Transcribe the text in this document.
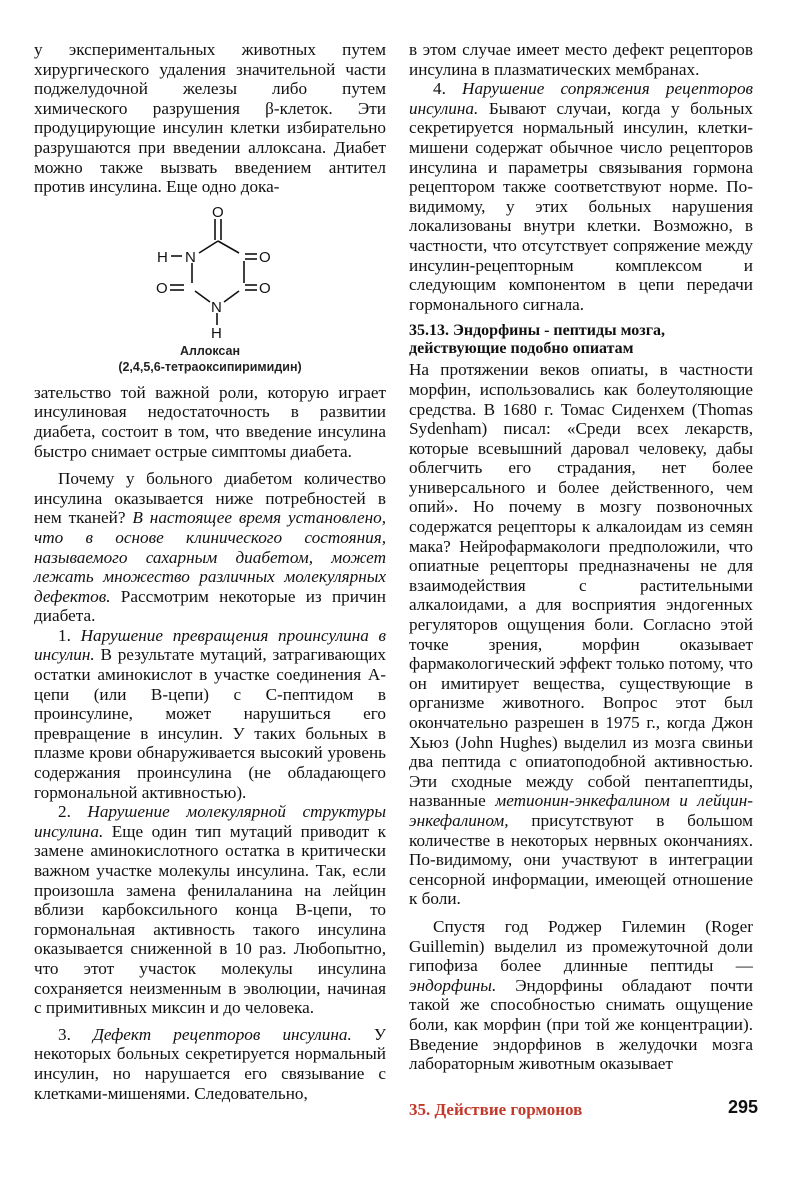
у экспериментальных животных путем хирургического удаления значительной части поджелудочной железы либо путем химического разрушения β-клеток. Эти продуцирующие инсулин клетки избирательно разрушаются при введении аллоксана. Диабет можно также вызвать введением антител против инсулина. Еще одно дока-

O
H N	O
O	O
N
H
Аллоксан
(2,4,5,6-тетраоксипиримидин)

зательство той важной роли, которую играет инсулиновая недостаточность в развитии диабета, состоит в том, что введение инсулина быстро снимает острые симптомы диабета.

Почему у больного диабетом количество инсулина оказывается ниже потребностей в нем тканей? В настоящее время установлено, что в основе клинического состояния, называемого сахарным диабетом, может лежать множество различных молекулярных дефектов. Рассмотрим некоторые из причин диабета.

1. Нарушение превращения проинсулина в инсулин. В результате мутаций, затрагивающих остатки аминокислот в участке соединения А-цепи (или В-цепи) с С-пептидом в проинсулине, может нарушиться его превращение в инсулин. У таких больных в плазме крови обнаруживается высокий уровень содержания проинсулина (не обладающего гормональной активностью).

2. Нарушение молекулярной структуры инсулина. Еще один тип мутаций приводит к замене аминокислотного остатка в критически важном участке молекулы инсулина. Так, если произошла замена фенилаланина на лейцин вблизи карбоксильного конца В-цепи, то гормональная активность такого инсулина оказывается сниженной в 10 раз. Любопытно, что этот участок молекулы инсулина сохраняется неизменным в эволюции, начиная с примитивных миксин и до человека.

3. Дефект рецепторов инсулина. У некоторых больных секретируется нормальный инсулин, но нарушается его связывание с клетками-мишенями. Следовательно,

в этом случае имеет место дефект рецепторов инсулина в плазматических мембранах.

4. Нарушение сопряжения рецепторов инсулина. Бывают случаи, когда у больных секретируется нормальный инсулин, клетки-мишени содержат обычное число рецепторов инсулина и параметры связывания гормона рецептором также соответствуют норме. По-видимому, у этих больных нарушения локализованы внутри клетки. Возможно, в частности, что отсутствует сопряжение между инсулин-рецепторным комплексом и следующим компонентом в цепи передачи гормонального сигнала.

35.13. Эндорфины - пептиды мозга, действующие подобно опиатам

На протяжении веков опиаты, в частности морфин, использовались как болеутоляющие средства. В 1680 г. Томас Сиденхем (Thomas Sydenham) писал: «Среди всех лекарств, которые всевышний даровал человеку, дабы облегчить его страдания, нет более универсального и более действенного, чем опий». Но почему в мозгу позвоночных содержатся рецепторы к алкалоидам из семян мака? Нейрофармакологи предположили, что опиатные рецепторы предназначены не для взаимодействия с растительными алкалоидами, а для восприятия эндогенных регуляторов ощущения боли. Согласно этой точке зрения, морфин оказывает фармакологический эффект только потому, что он имитирует вещества, существующие в организме животного. Вопрос этот был окончательно разрешен в 1975 г., когда Джон Хьюз (John Hughes) выделил из мозга свиньи два пептида с опиатоподобной активностью. Эти сходные между собой пентапептиды, названные метионин-энкефалином и лейцин-энкефалином, присутствуют в большом количестве в некоторых нервных окончаниях. По-видимому, они участвуют в интеграции сенсорной информации, имеющей отношение к боли.

Спустя год Роджер Гилемин (Roger Guillemin) выделил из промежуточной доли гипофиза более длинные пептиды — эндорфины. Эндорфины обладают почти такой же способностью снимать ощущение боли, как морфин (при той же концентрации). Введение эндорфинов в желудочки мозга лабораторным животным оказывает

35. Действие гормонов	295
